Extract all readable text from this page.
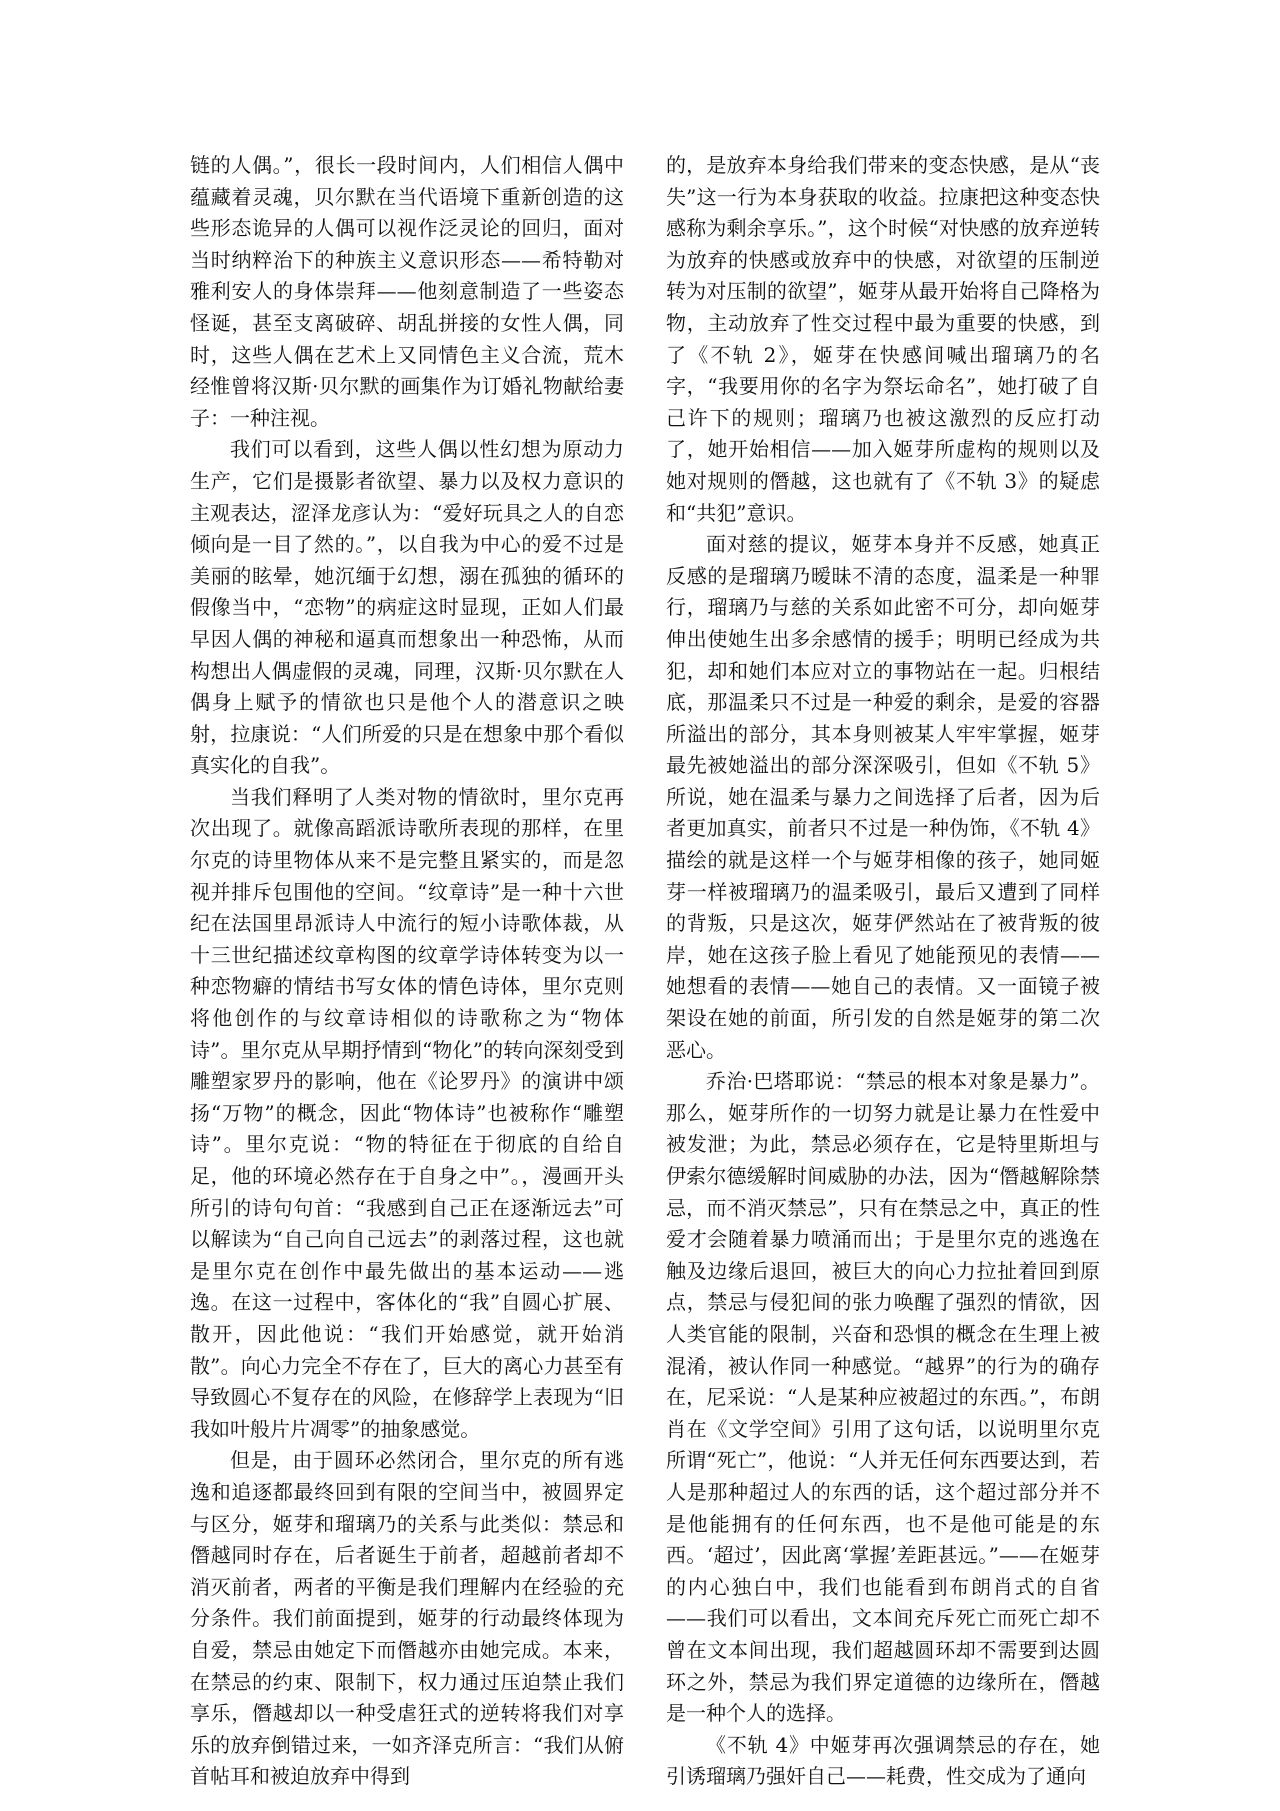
链的人偶。”，很长一段时间内，人们相信人偶中蕴藏着灵魂，贝尔默在当代语境下重新创造的这些形态诡异的人偶可以视作泛灵论的回归，面对当时纳粹治下的种族主义意识形态——希特勒对雅利安人的身体崇拜——他刻意制造了一些姿态怪诞，甚至支离破碎、胡乱拼接的女性人偶，同时，这些人偶在艺术上又同情色主义合流，荒木经惟曾将汉斯·贝尔默的画集作为订婚礼物献给妻子：一种注视。

我们可以看到，这些人偶以性幻想为原动力生产，它们是摄影者欲望、暴力以及权力意识的主观表达，涩泽龙彦认为：“爱好玩具之人的自恋倾向是一目了然的。”，以自我为中心的爱不过是美丽的眩晕，她沉缅于幻想，溺在孤独的循环的假像当中，“恋物”的病症这时显现，正如人们最早因人偶的神秘和逼真而想象出一种恐怖，从而构想出人偶虚假的灵魂，同理，汉斯·贝尔默在人偶身上赋予的情欲也只是他个人的潜意识之映射，拉康说：“人们所爱的只是在想象中那个看似真实化的自我”。

当我们释明了人类对物的情欲时，里尔克再次出现了。就像高蹈派诗歌所表现的那样，在里尔克的诗里物体从来不是完整且紧实的，而是忽视并排斥包围他的空间。“纹章诗”是一种十六世纪在法国里昂派诗人中流行的短小诗歌体裁，从十三世纪描述纹章构图的纹章学诗体转变为以一种恋物癖的情结书写女体的情色诗体，里尔克则将他创作的与纹章诗相似的诗歌称之为“物体诗”。里尔克从早期抒情到“物化”的转向深刻受到雕塑家罗丹的影响，他在《论罗丹》的演讲中颂扬“万物”的概念，因此“物体诗”也被称作“雕塑诗”。里尔克说：“物的特征在于彻底的自给自足，他的环境必然存在于自身之中”。，漫画开头所引的诗句句首：“我感到自己正在逐渐远去”可以解读为“自己向自己远去”的剥落过程，这也就是里尔克在创作中最先做出的基本运动——逃逸。在这一过程中，客体化的“我”自圆心扩展、散开，因此他说：“我们开始感觉，就开始消散”。向心力完全不存在了，巨大的离心力甚至有导致圆心不复存在的风险，在修辞学上表现为“旧我如叶般片片凋零”的抽象感觉。

但是，由于圆环必然闭合，里尔克的所有逃逸和追逐都最终回到有限的空间当中，被圆界定与区分，姬芽和瑠璃乃的关系与此类似：禁忌和僭越同时存在，后者诞生于前者，超越前者却不消灭前者，两者的平衡是我们理解内在经验的充分条件。我们前面提到，姬芽的行动最终体现为自爱，禁忌由她定下而僭越亦由她完成。本来，在禁忌的约束、限制下，权力通过压迫禁止我们享乐，僭越却以一种受虐狂式的逆转将我们对享乐的放弃倒错过来，一如齐泽克所言：“我们从俯首帖耳和被迫放弃中得到

的，是放弃本身给我们带来的变态快感，是从“丧失”这一行为本身获取的收益。拉康把这种变态快感称为剩余享乐。”，这个时候“对快感的放弃逆转为放弃的快感或放弃中的快感，对欲望的压制逆转为对压制的欲望”，姬芽从最开始将自己降格为物，主动放弃了性交过程中最为重要的快感，到了《不轨 2》，姬芽在快感间喊出瑠璃乃的名字，“我要用你的名字为祭坛命名”，她打破了自己许下的规则；瑠璃乃也被这激烈的反应打动了，她开始相信——加入姬芽所虚构的规则以及她对规则的僭越，这也就有了《不轨 3》的疑虑和“共犯”意识。

面对慈的提议，姬芽本身并不反感，她真正反感的是瑠璃乃暧昧不清的态度，温柔是一种罪行，瑠璃乃与慈的关系如此密不可分，却向姬芽伸出使她生出多余感情的援手；明明已经成为共犯，却和她们本应对立的事物站在一起。归根结底，那温柔只不过是一种爱的剩余，是爱的容器所溢出的部分，其本身则被某人牢牢掌握，姬芽最先被她溢出的部分深深吸引，但如《不轨 5》所说，她在温柔与暴力之间选择了后者，因为后者更加真实，前者只不过是一种伪饰，《不轨 4》描绘的就是这样一个与姬芽相像的孩子，她同姬芽一样被瑠璃乃的温柔吸引，最后又遭到了同样的背叛，只是这次，姬芽俨然站在了被背叛的彼岸，她在这孩子脸上看见了她能预见的表情——她想看的表情——她自己的表情。又一面镜子被架设在她的前面，所引发的自然是姬芽的第二次恶心。

乔治·巴塔耶说：“禁忌的根本对象是暴力”。那么，姬芽所作的一切努力就是让暴力在性爱中被发泄；为此，禁忌必须存在，它是特里斯坦与伊索尔德缓解时间威胁的办法，因为“僭越解除禁忌，而不消灭禁忌”，只有在禁忌之中，真正的性爱才会随着暴力喷涌而出；于是里尔克的逃逸在触及边缘后退回，被巨大的向心力拉扯着回到原点，禁忌与侵犯间的张力唤醒了强烈的情欲，因人类官能的限制，兴奋和恐惧的概念在生理上被混淆，被认作同一种感觉。“越界”的行为的确存在，尼采说：“人是某种应被超过的东西。”，布朗肖在《文学空间》引用了这句话，以说明里尔克所谓“死亡”，他说：“人并无任何东西要达到，若人是那种超过人的东西的话，这个超过部分并不是他能拥有的任何东西，也不是他可能是的东西。‘超过’，因此离‘掌握’差距甚远。”——在姬芽的内心独白中，我们也能看到布朗肖式的自省——我们可以看出，文本间充斥死亡而死亡却不曾在文本间出现，我们超越圆环却不需要到达圆环之外，禁忌为我们界定道德的边缘所在，僭越是一种个人的选择。

《不轨 4》中姬芽再次强调禁忌的存在，她引诱瑠璃乃强奸自己——耗费，性交成为了通向
